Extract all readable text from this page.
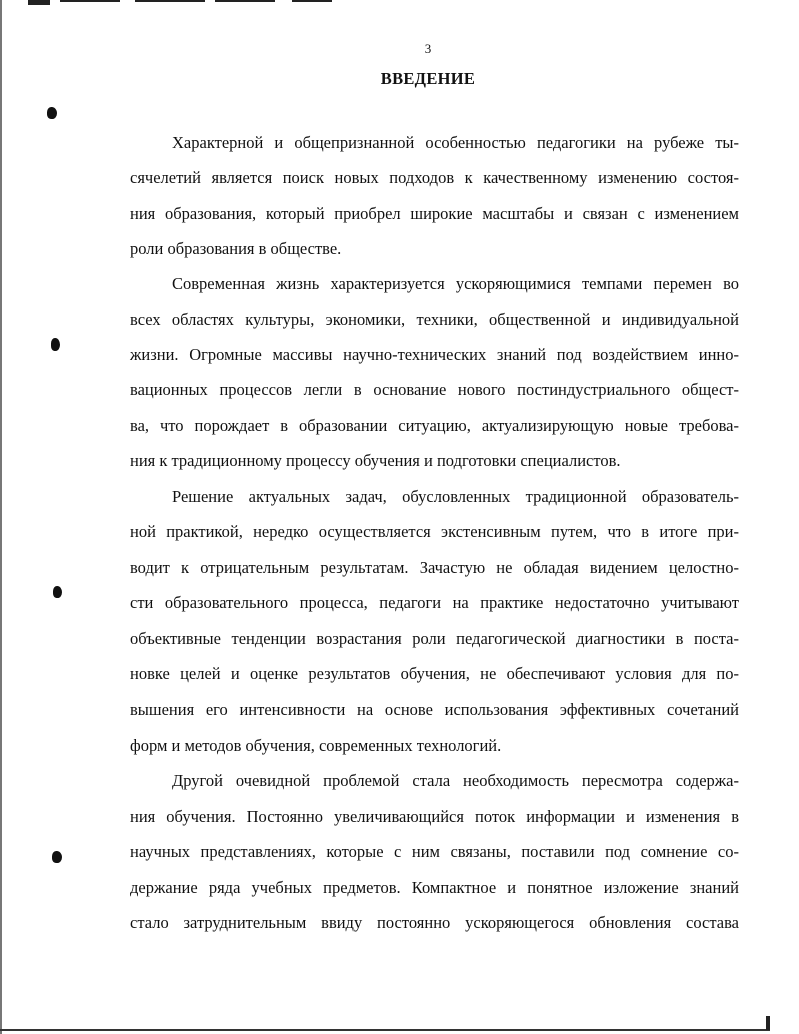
3
ВВЕДЕНИЕ
Характерной и общепризнанной особенностью педагогики на рубеже ты-
сячелетий является поиск новых подходов к качественному изменению состоя-
ния образования, который приобрел широкие масштабы и связан с изменением
роли образования в обществе.
Современная жизнь характеризуется ускоряющимися темпами перемен во
всех областях культуры, экономики, техники, общественной и индивидуальной
жизни. Огромные массивы научно-технических знаний под воздействием инно-
вационных процессов легли в основание нового постиндустриального общест-
ва, что порождает в образовании ситуацию, актуализирующую новые требова-
ния к традиционному процессу обучения и подготовки специалистов.
Решение актуальных задач, обусловленных традиционной образователь-
ной практикой, нередко осуществляется экстенсивным путем, что в итоге при-
водит к отрицательным результатам. Зачастую не обладая видением целостно-
сти образовательного процесса, педагоги на практике недостаточно учитывают
объективные тенденции возрастания роли педагогической диагностики в поста-
новке целей и оценке результатов обучения, не обеспечивают условия для по-
вышения его интенсивности на основе использования эффективных сочетаний
форм и методов обучения, современных технологий.
Другой очевидной проблемой стала необходимость пересмотра содержа-
ния обучения. Постоянно увеличивающийся поток информации и изменения в
научных представлениях, которые с ним связаны, поставили под сомнение со-
держание ряда учебных предметов. Компактное и понятное изложение знаний
стало затруднительным ввиду постоянно ускоряющегося обновления состава
